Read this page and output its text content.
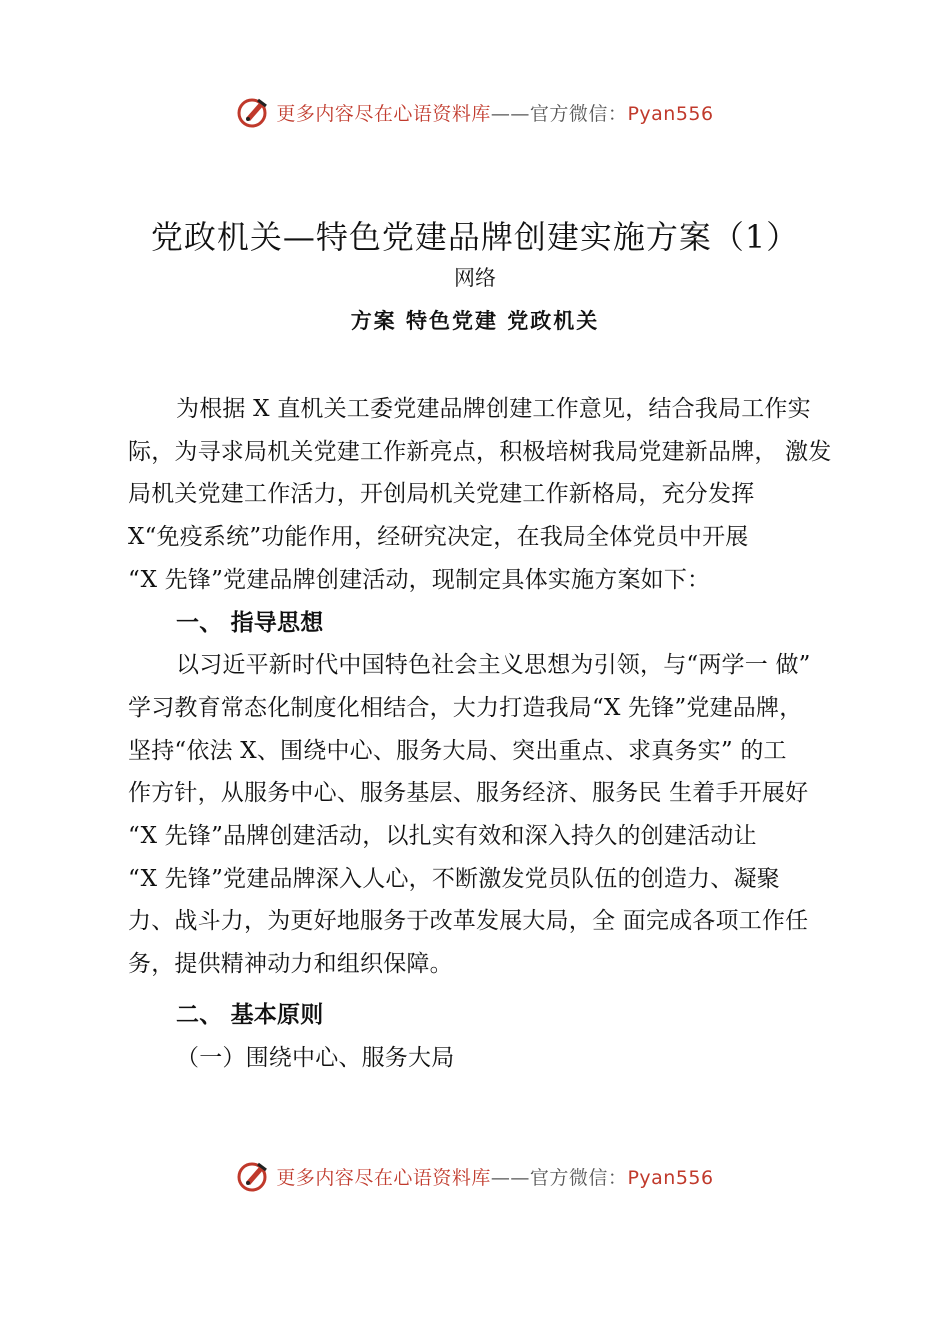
更多内容尽在心语资料库——官方微信：Pyan556
党政机关—特色党建品牌创建实施方案（1）
网络
方案 特色党建 党政机关
为根据 X 直机关工委党建品牌创建工作意见，结合我局工作实
际，为寻求局机关党建工作新亮点，积极培树我局党建新品牌， 激发
局机关党建工作活力，开创局机关党建工作新格局，充分发挥
X“免疫系统”功能作用，经研究决定，在我局全体党员中开展
“X 先锋”党建品牌创建活动，现制定具体实施方案如下：
一、 指导思想
以习近平新时代中国特色社会主义思想为引领，与“两学一 做”
学习教育常态化制度化相结合，大力打造我局“X 先锋”党建品牌，
坚持“依法 X、围绕中心、服务大局、突出重点、求真务实” 的工
作方针，从服务中心、服务基层、服务经济、服务民 生着手开展好
“X 先锋”品牌创建活动，以扎实有效和深入持久的创建活动让
“X 先锋”党建品牌深入人心，不断激发党员队伍的创造力、凝聚
力、战斗力，为更好地服务于改革发展大局，全 面完成各项工作任
务，提供精神动力和组织保障。
二、 基本原则
（一）围绕中心、服务大局
更多内容尽在心语资料库——官方微信：Pyan556
